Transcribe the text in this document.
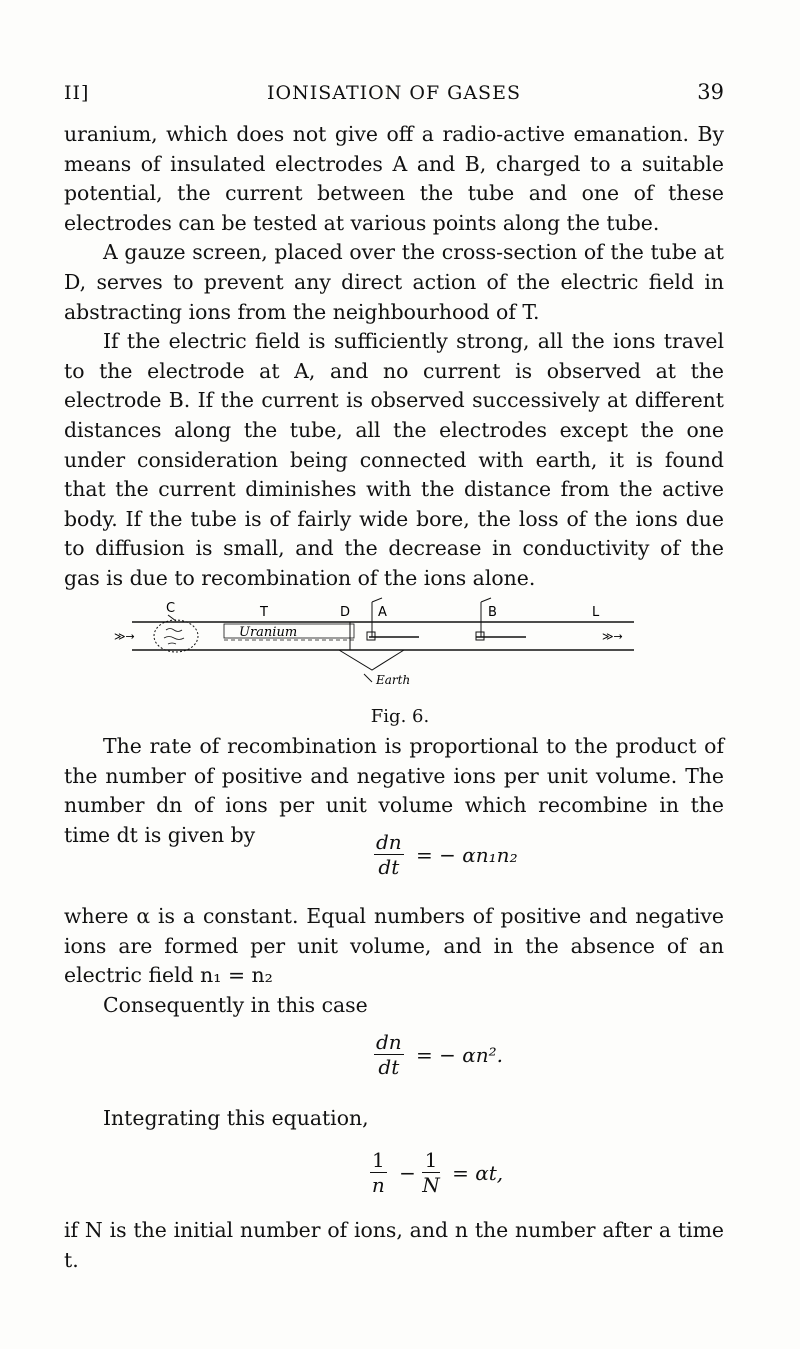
II]	IONISATION OF GASES	39

uranium, which does not give off a radio-active emanation. By means of insulated electrodes A and B, charged to a suitable potential, the current between the tube and one of these electrodes can be tested at various points along the tube.

A gauze screen, placed over the cross-section of the tube at D, serves to prevent any direct action of the electric field in abstracting ions from the neighbourhood of T.

If the electric field is sufficiently strong, all the ions travel to the electrode at A, and no current is observed at the electrode B. If the current is observed successively at different distances along the tube, all the electrodes except the one under consideration being connected with earth, it is found that the current diminishes with the distance from the active body. If the tube is of fairly wide bore, the loss of the ions due to diffusion is small, and the decrease in conductivity of the gas is due to recombination of the ions alone.

≫→	≫→
C
Uranium
T	D A	B	L
Earth
Fig. 6.

The rate of recombination is proportional to the product of the number of positive and negative ions per unit volume. The number dn of ions per unit volume which recombine in the time dt is given by	$\frac{dn}{dt}$ = − αn₁n₂

where α is a constant. Equal numbers of positive and negative ions are formed per unit volume, and in the absence of an electric field n₁ = n₂

Consequently in this case

$\frac{dn}{dt}$ = − αn².

Integrating this equation,

$\frac{1}{n} - \frac{1}{N} = \alpha t$,

if N is the initial number of ions, and n the number after a time t.
